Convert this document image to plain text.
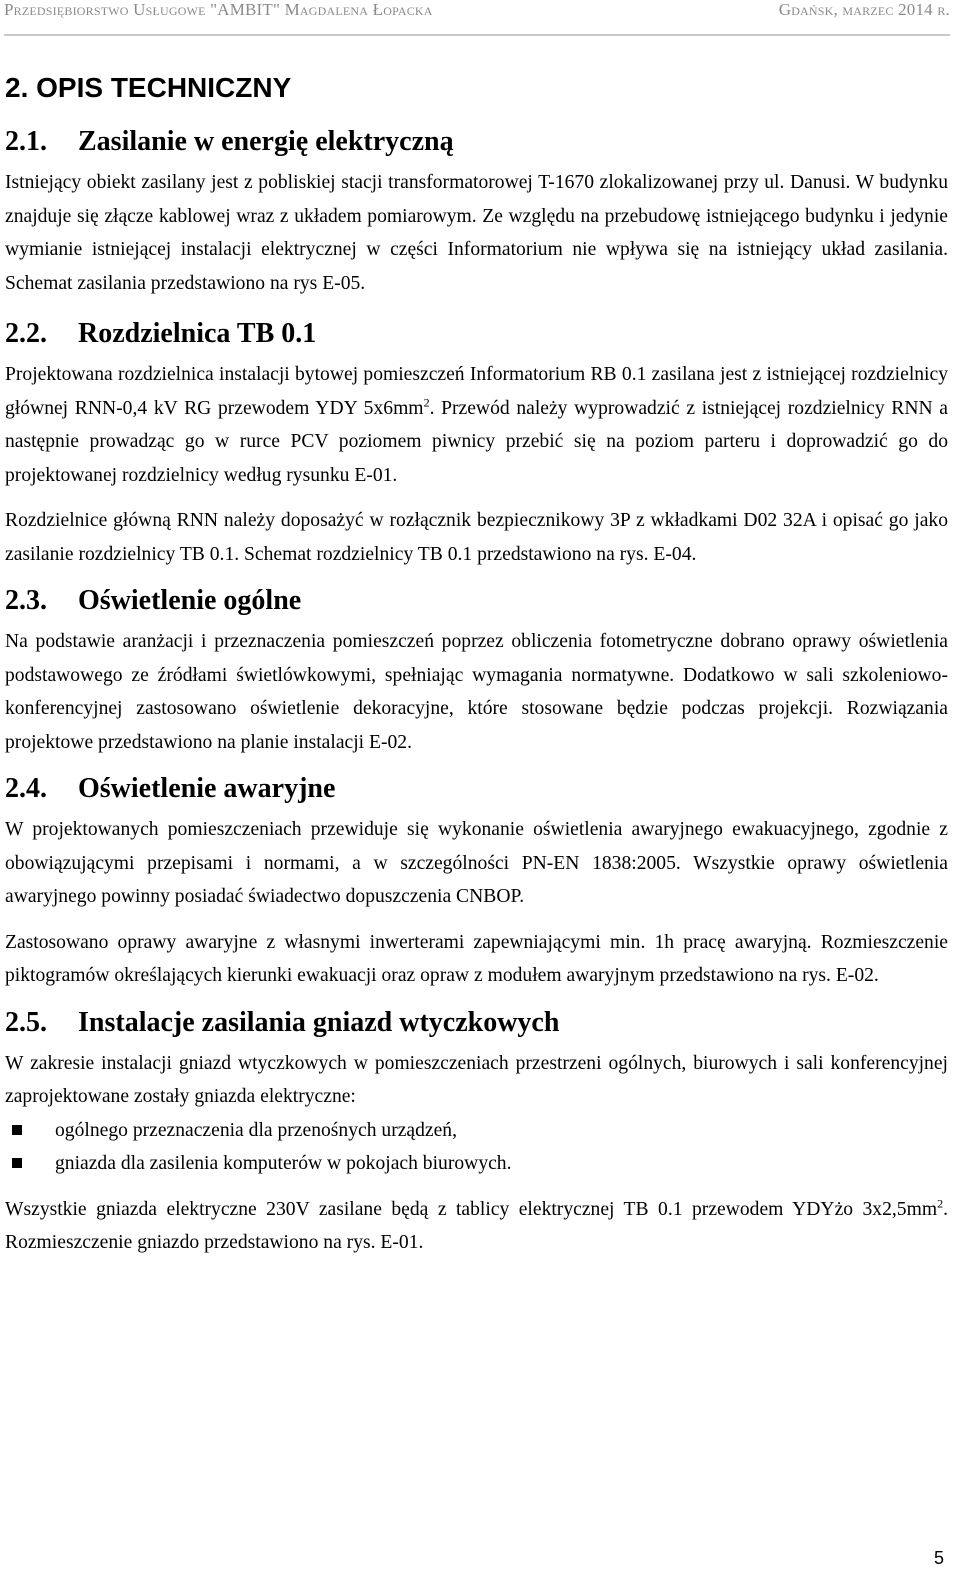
Przedsiębiorstwo Usługowe "AMBIT" Magdalena Łopacka	Gdańsk, marzec 2014 r.
2. OPIS TECHNICZNY
2.1. Zasilanie w energię elektryczną

Istniejący obiekt zasilany jest z pobliskiej stacji transformatorowej T-1670 zlokalizowanej przy ul. Danusi. W budynku znajduje się złącze kablowej wraz z układem pomiarowym. Ze względu na przebudowę istniejącego budynku i jedynie wymianie istniejącej instalacji elektrycznej w części Informatorium nie wpływa się na istniejący układ zasilania. Schemat zasilania przedstawiono na rys E-05.

2.2. Rozdzielnica TB 0.1

Projektowana rozdzielnica instalacji bytowej pomieszczeń Informatorium RB 0.1 zasilana jest z istniejącej rozdzielnicy głównej RNN-0,4 kV RG przewodem YDY $5x6mm^2$. Przewód należy wyprowadzić z istniejącej rozdzielnicy RNN a następnie prowadząc go w rurce PCV poziomem piwnicy przebić się na poziom parteru i doprowadzić go do projektowanej rozdzielnicy według rysunku E-01.

Rozdzielnice główną RNN należy doposażyć w rozłącznik bezpiecznikowy 3P z wkładkami D02 32A i opisać go jako zasilanie rozdzielnicy TB 0.1. Schemat rozdzielnicy TB 0.1 przedstawiono na rys. E-04.

2.3. Oświetlenie ogólne

Na podstawie aranżacji i przeznaczenia pomieszczeń poprzez obliczenia fotometryczne dobrano oprawy oświetlenia podstawowego ze źródłami świetlówkowymi, spełniając wymagania normatywne. Dodatkowo w sali szkoleniowo-konferencyjnej zastosowano oświetlenie dekoracyjne, które stosowane będzie podczas projekcji. Rozwiązania projektowe przedstawiono na planie instalacji E-02.

2.4. Oświetlenie awaryjne

W projektowanych pomieszczeniach przewiduje się wykonanie oświetlenia awaryjnego ewakuacyjnego, zgodnie z obowiązującymi przepisami i normami, a w szczególności PN-EN 1838:2005. Wszystkie oprawy oświetlenia awaryjnego powinny posiadać świadectwo dopuszczenia CNBOP.

Zastosowano oprawy awaryjne z własnymi inwerterami zapewniającymi min. 1h pracę awaryjną. Rozmieszczenie piktogramów określających kierunki ewakuacji oraz opraw z modułem awaryjnym przedstawiono na rys. E-02.

2.5. Instalacje zasilania gniazd wtyczkowych

W zakresie instalacji gniazd wtyczkowych w pomieszczeniach przestrzeni ogólnych, biurowych i sali konferencyjnej zaprojektowane zostały gniazda elektryczne:

ogólnego przeznaczenia dla przenośnych urządzeń,
gniazda dla zasilenia komputerów w pokojach biurowych.

Wszystkie gniazda elektryczne 230V zasilane będą z tablicy elektrycznej TB 0.1 przewodem YDYżo $3x2,5mm^2$. Rozmieszczenie gniazdo przedstawiono na rys. E-01.

5
